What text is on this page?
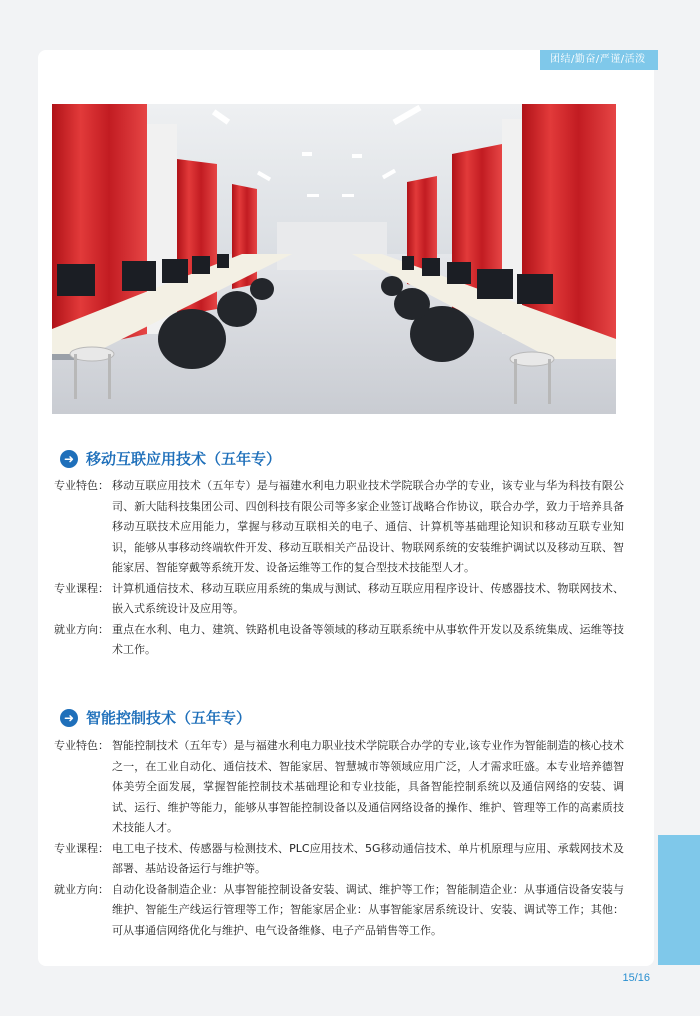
团结/勤奋/严谨/活泼
➜ 移动互联应用技术（五年专）
专业特色： 移动互联应用技术（五年专）是与福建水利电力职业技术学院联合办学的专业，该专业与华为科技有限公司、新大陆科技集团公司、四创科技有限公司等多家企业签订战略合作协议，联合办学，致力于培养具备移动互联技术应用能力，掌握与移动互联相关的电子、通信、计算机等基础理论知识和移动互联专业知识，能够从事移动终端软件开发、移动互联相关产品设计、物联网系统的安装维护调试以及移动互联、智能家居、智能穿戴等系统开发、设备运维等工作的复合型技术技能型人才。
专业课程： 计算机通信技术、移动互联应用系统的集成与测试、移动互联应用程序设计、传感器技术、物联网技术、嵌入式系统设计及应用等。
就业方向： 重点在水利、电力、建筑、铁路机电设备等领域的移动互联系统中从事软件开发以及系统集成、运维等技术工作。
➜ 智能控制技术（五年专）
专业特色： 智能控制技术（五年专）是与福建水利电力职业技术学院联合办学的专业,该专业作为智能制造的核心技术之一，在工业自动化、通信技术、智能家居、智慧城市等领域应用广泛，人才需求旺盛。本专业培养德智体美劳全面发展，掌握智能控制技术基础理论和专业技能，具备智能控制系统以及通信网络的安装、调试、运行、维护等能力，能够从事智能控制设备以及通信网络设备的操作、维护、管理等工作的高素质技术技能人才。
专业课程： 电工电子技术、传感器与检测技术、PLC应用技术、5G移动通信技术、单片机原理与应用、承载网技术及部署、基站设备运行与维护等。
就业方向： 自动化设备制造企业：从事智能控制设备安装、调试、维护等工作；智能制造企业：从事通信设备安装与维护、智能生产线运行管理等工作；智能家居企业：从事智能家居系统设计、安装、调试等工作；其他：可从事通信网络优化与维护、电气设备维修、电子产品销售等工作。
15/16
